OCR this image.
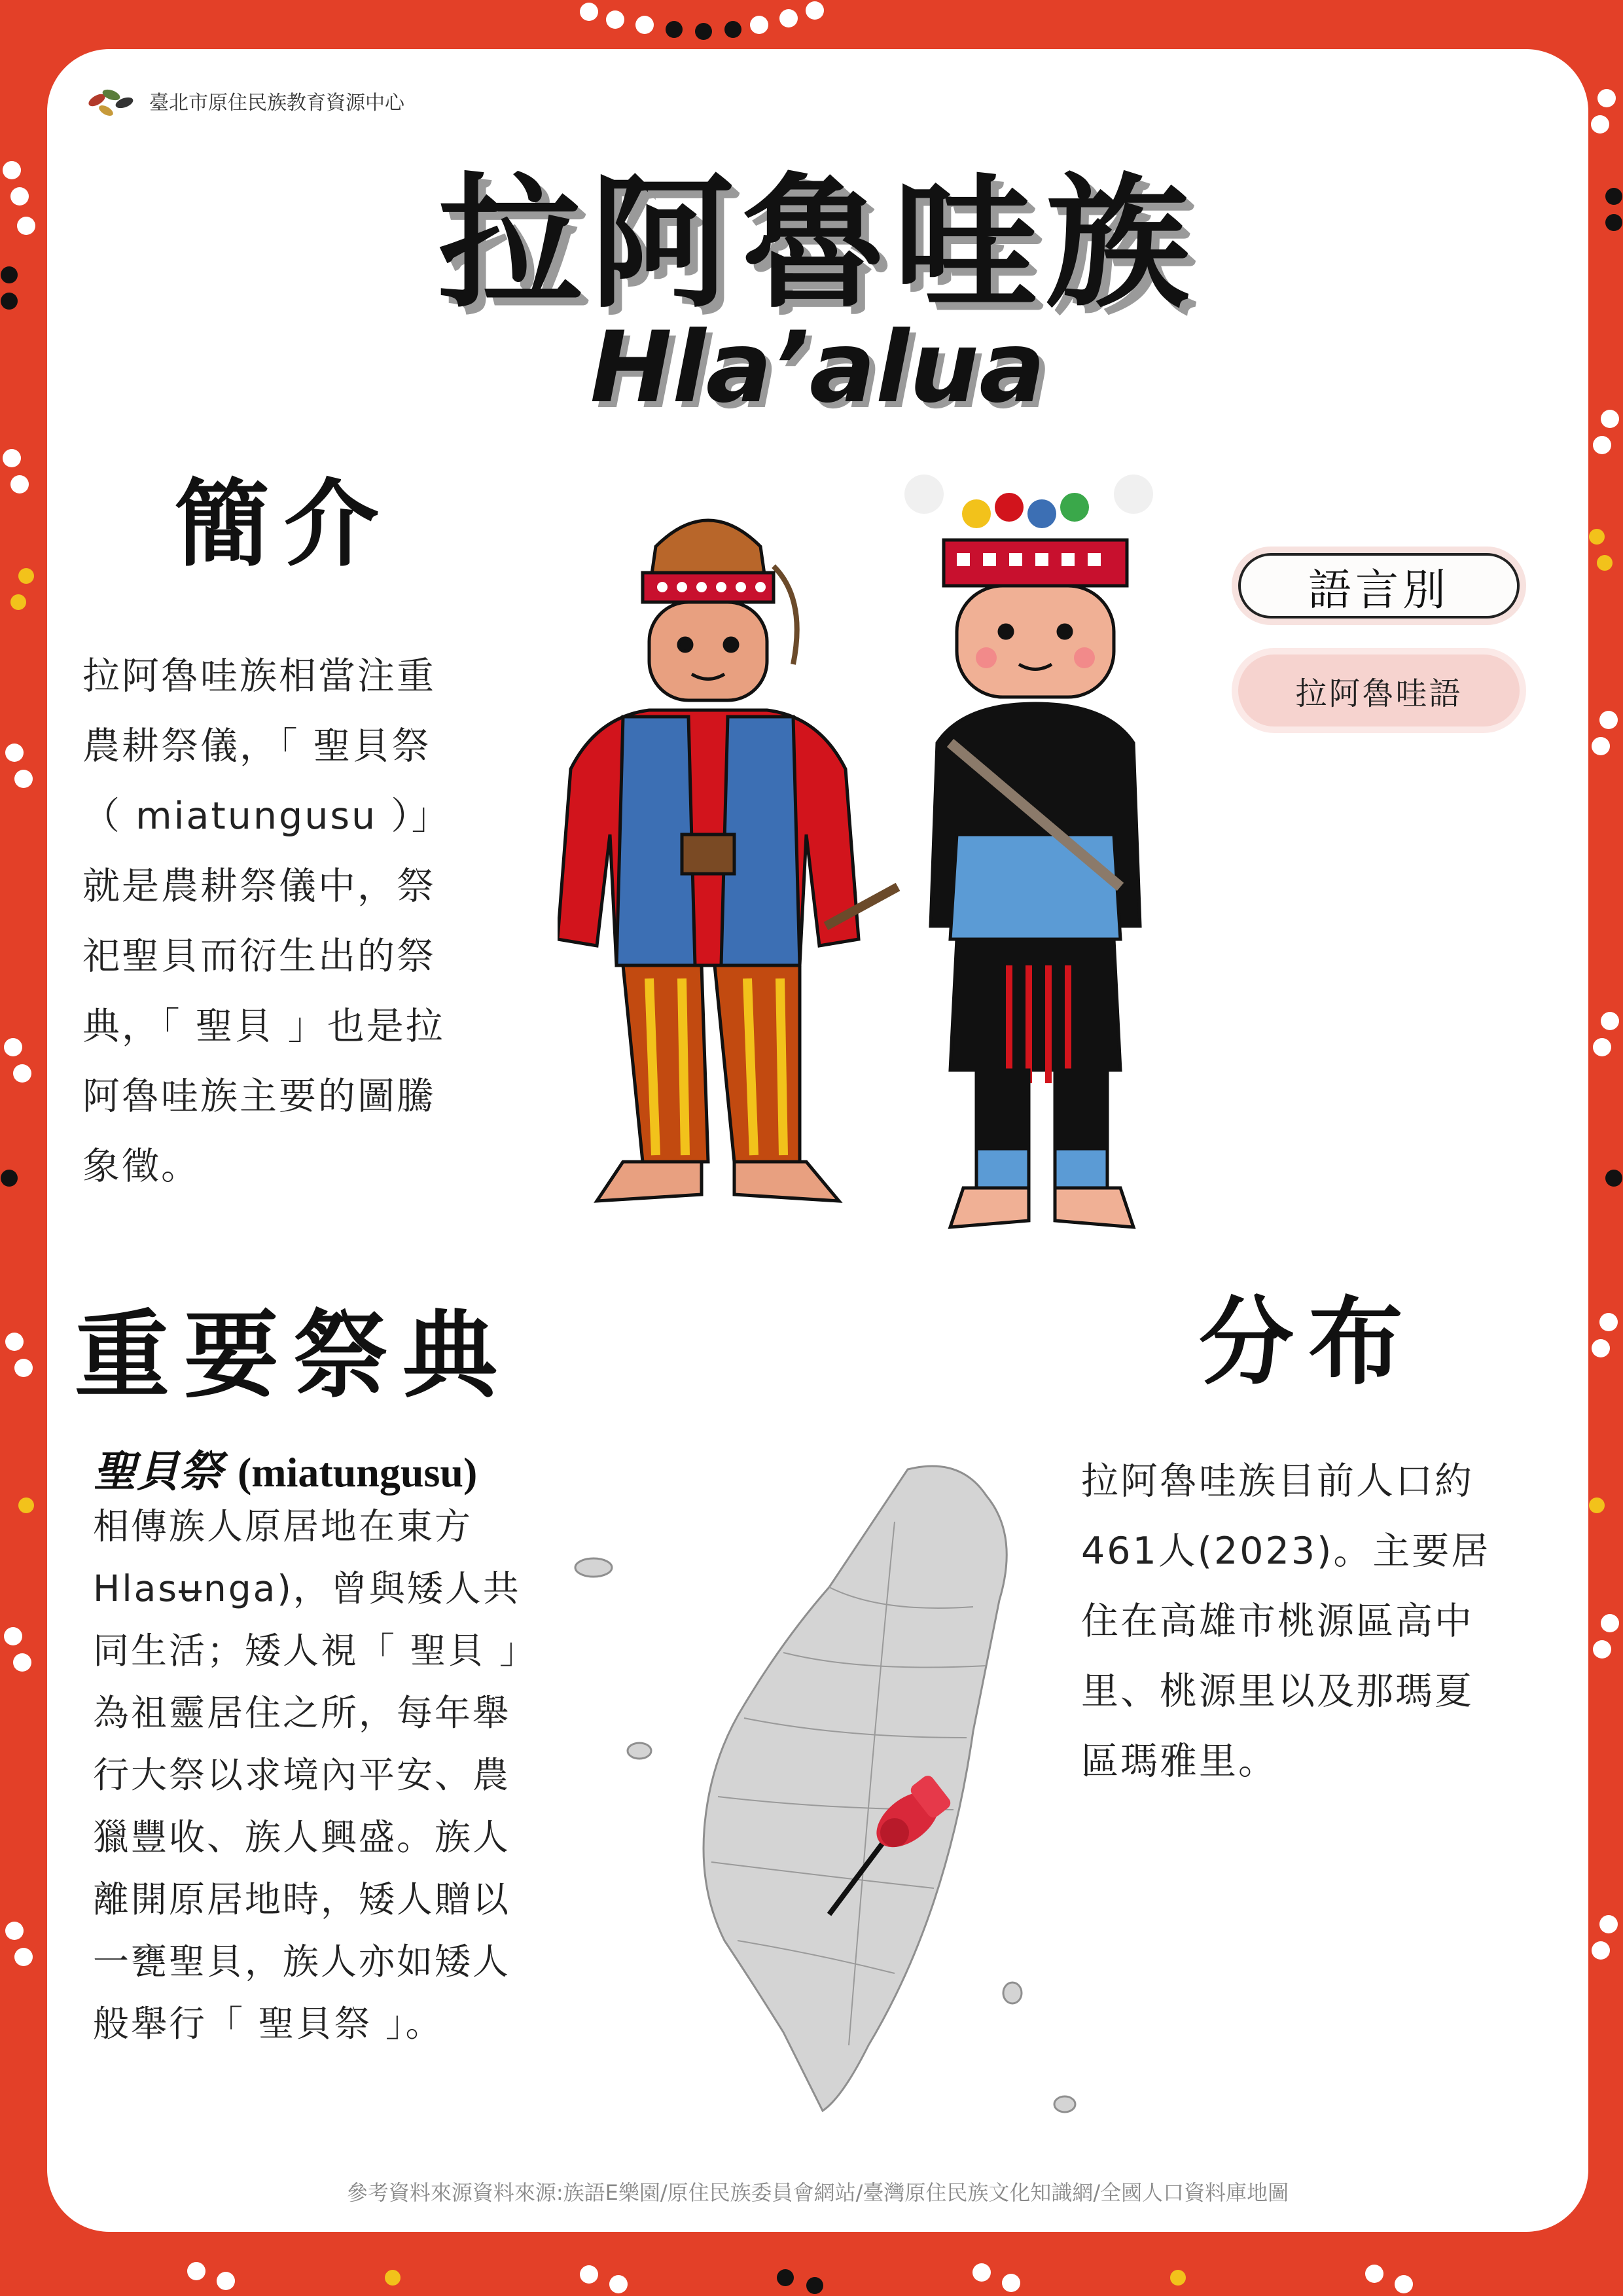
臺北市原住民族教育資源中心
拉阿魯哇族
Hla’alua
簡介
拉阿魯哇族相當注重
農耕祭儀，「 聖貝祭
（ miatungusu ）」
就是農耕祭儀中，祭
祀聖貝而衍生出的祭
典，「 聖貝 」也是拉
阿魯哇族主要的圖騰
象徵。
語言別
拉阿魯哇語
重要祭典
聖貝祭 (miatungusu)
相傳族人原居地在東方
Hlasʉnga)，曾與矮人共
同生活；矮人視「 聖貝 」
為祖靈居住之所，每年舉
行大祭以求境內平安、農
獵豐收、族人興盛。族人
離開原居地時，矮人贈以
一甕聖貝，族人亦如矮人
般舉行「 聖貝祭 」。
分布
拉阿魯哇族目前人口約
461人(2023)。主要居
住在高雄市桃源區高中
里、桃源里以及那瑪夏
區瑪雅里。
參考資料來源資料來源:族語E樂園/原住民族委員會網站/臺灣原住民族文化知識網/全國人口資料庫地圖
